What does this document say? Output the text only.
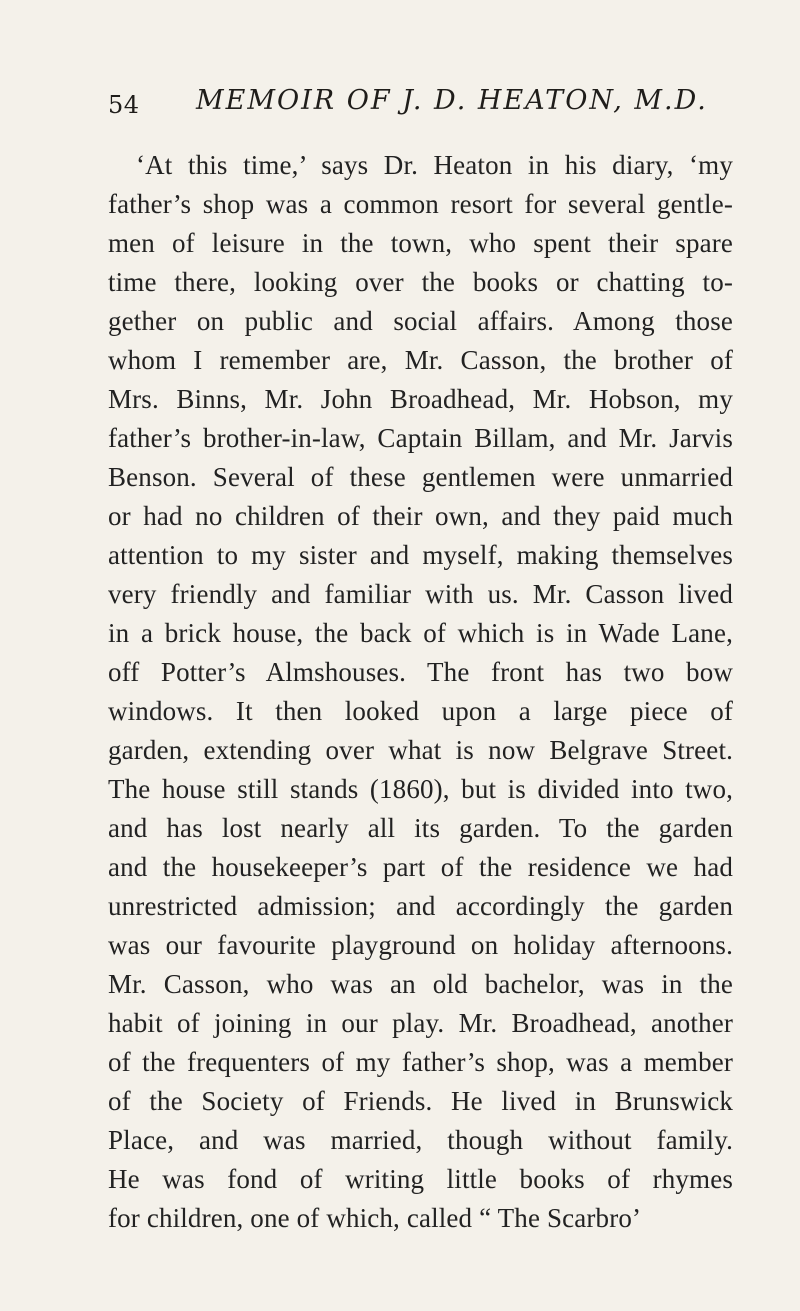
54 MEMOIR OF J. D. HEATON, M.D.
‘At this time,’ says Dr. Heaton in his diary, ‘my
father’s shop was a common resort for several gentle-
men of leisure in the town, who spent their spare
time there, looking over the books or chatting to-
gether on public and social affairs. Among those
whom I remember are, Mr. Casson, the brother of
Mrs. Binns, Mr. John Broadhead, Mr. Hobson, my
father’s brother-in-law, Captain Billam, and Mr. Jarvis
Benson. Several of these gentlemen were unmarried
or had no children of their own, and they paid much
attention to my sister and myself, making themselves
very friendly and familiar with us. Mr. Casson lived
in a brick house, the back of which is in Wade Lane,
off Potter’s Almshouses. The front has two bow
windows. It then looked upon a large piece of
garden, extending over what is now Belgrave Street.
The house still stands (1860), but is divided into two,
and has lost nearly all its garden. To the garden
and the housekeeper’s part of the residence we had
unrestricted admission; and accordingly the garden
was our favourite playground on holiday afternoons.
Mr. Casson, who was an old bachelor, was in the
habit of joining in our play. Mr. Broadhead, another
of the frequenters of my father’s shop, was a member
of the Society of Friends. He lived in Brunswick
Place, and was married, though without family.
He was fond of writing little books of rhymes
for children, one of which, called “ The Scarbro’
